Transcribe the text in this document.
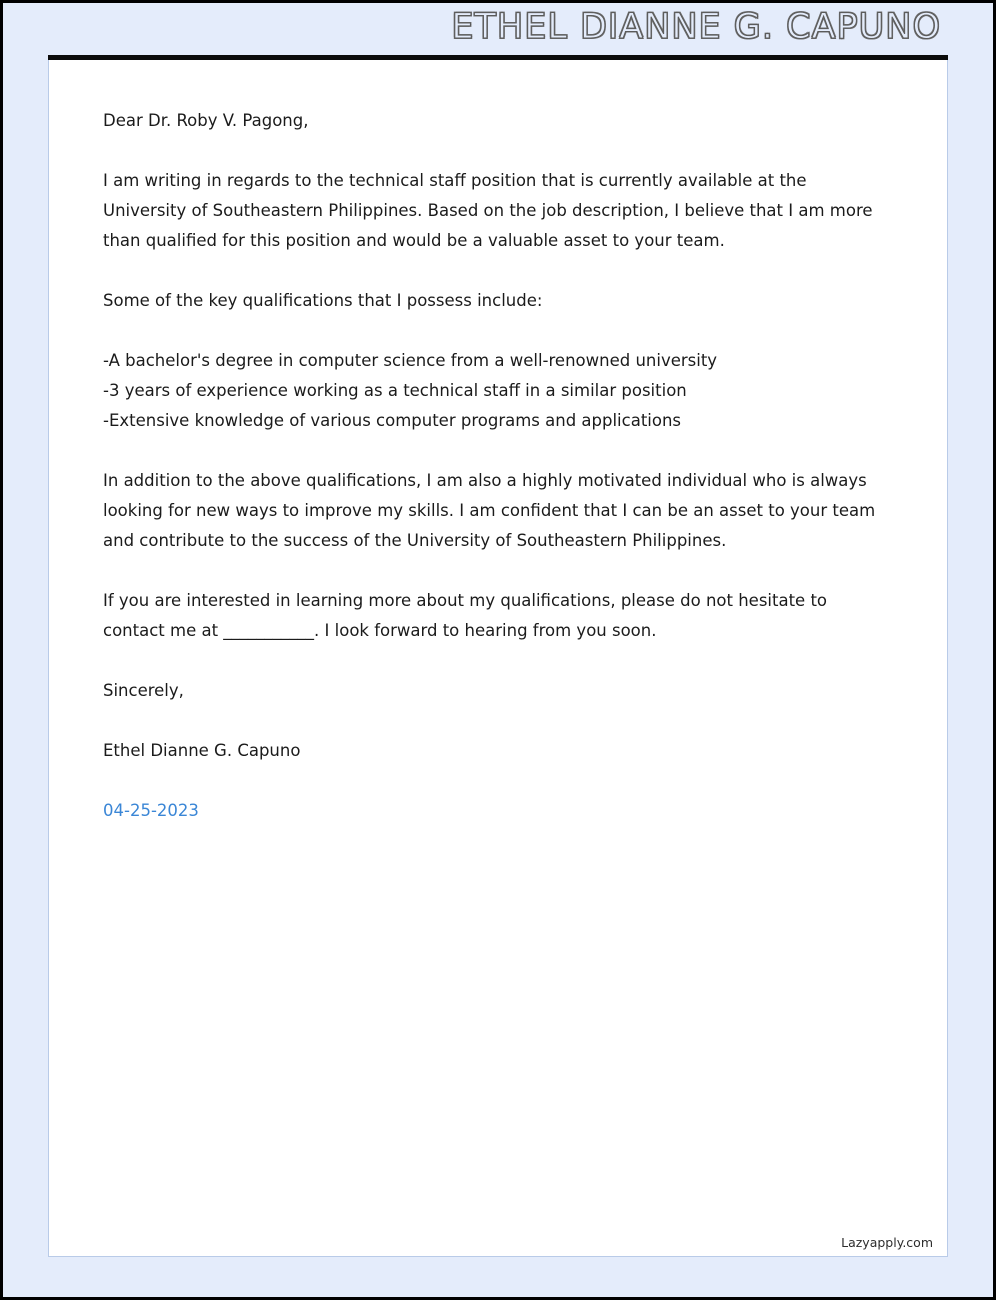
ETHEL DIANNE G. CAPUNO

Dear Dr. Roby V. Pagong,

I am writing in regards to the technical staff position that is currently available at the University of Southeastern Philippines. Based on the job description, I believe that I am more than qualified for this position and would be a valuable asset to your team.

Some of the key qualifications that I possess include:

-A bachelor's degree in computer science from a well-renowned university
-3 years of experience working as a technical staff in a similar position
-Extensive knowledge of various computer programs and applications

In addition to the above qualifications, I am also a highly motivated individual who is always looking for new ways to improve my skills. I am confident that I can be an asset to your team and contribute to the success of the University of Southeastern Philippines.

If you are interested in learning more about my qualifications, please do not hesitate to contact me at ___________. I look forward to hearing from you soon.

Sincerely,

Ethel Dianne G. Capuno

04-25-2023

Lazyapply.com
